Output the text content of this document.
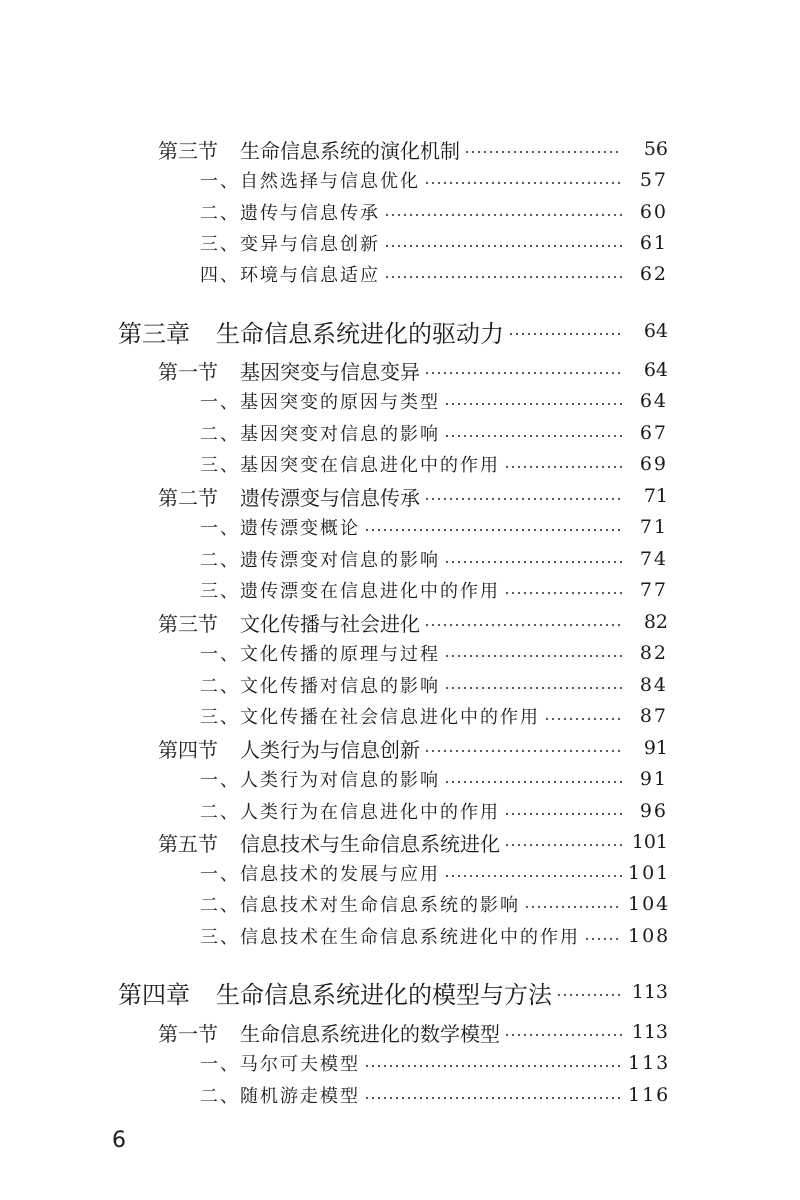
第三节 生命信息系统的演化机制	56
一、自然选择与信息优化	57
二、遗传与信息传承	60
三、变异与信息创新	61
四、环境与信息适应	62
第三章 生命信息系统进化的驱动力	64
第一节 基因突变与信息变异	64
一、基因突变的原因与类型	64
二、基因突变对信息的影响	67
三、基因突变在信息进化中的作用	69
第二节 遗传漂变与信息传承	71
一、遗传漂变概论	71
二、遗传漂变对信息的影响	74
三、遗传漂变在信息进化中的作用	77
第三节 文化传播与社会进化	82
一、文化传播的原理与过程	82
二、文化传播对信息的影响	84
三、文化传播在社会信息进化中的作用	87
第四节 人类行为与信息创新	91
一、人类行为对信息的影响	91
二、人类行为在信息进化中的作用	96
第五节 信息技术与生命信息系统进化	101
一、信息技术的发展与应用	101
二、信息技术对生命信息系统的影响	104
三、信息技术在生命信息系统进化中的作用	108
第四章 生命信息系统进化的模型与方法	113
第一节 生命信息系统进化的数学模型	113
一、马尔可夫模型	113
二、随机游走模型	116
6
